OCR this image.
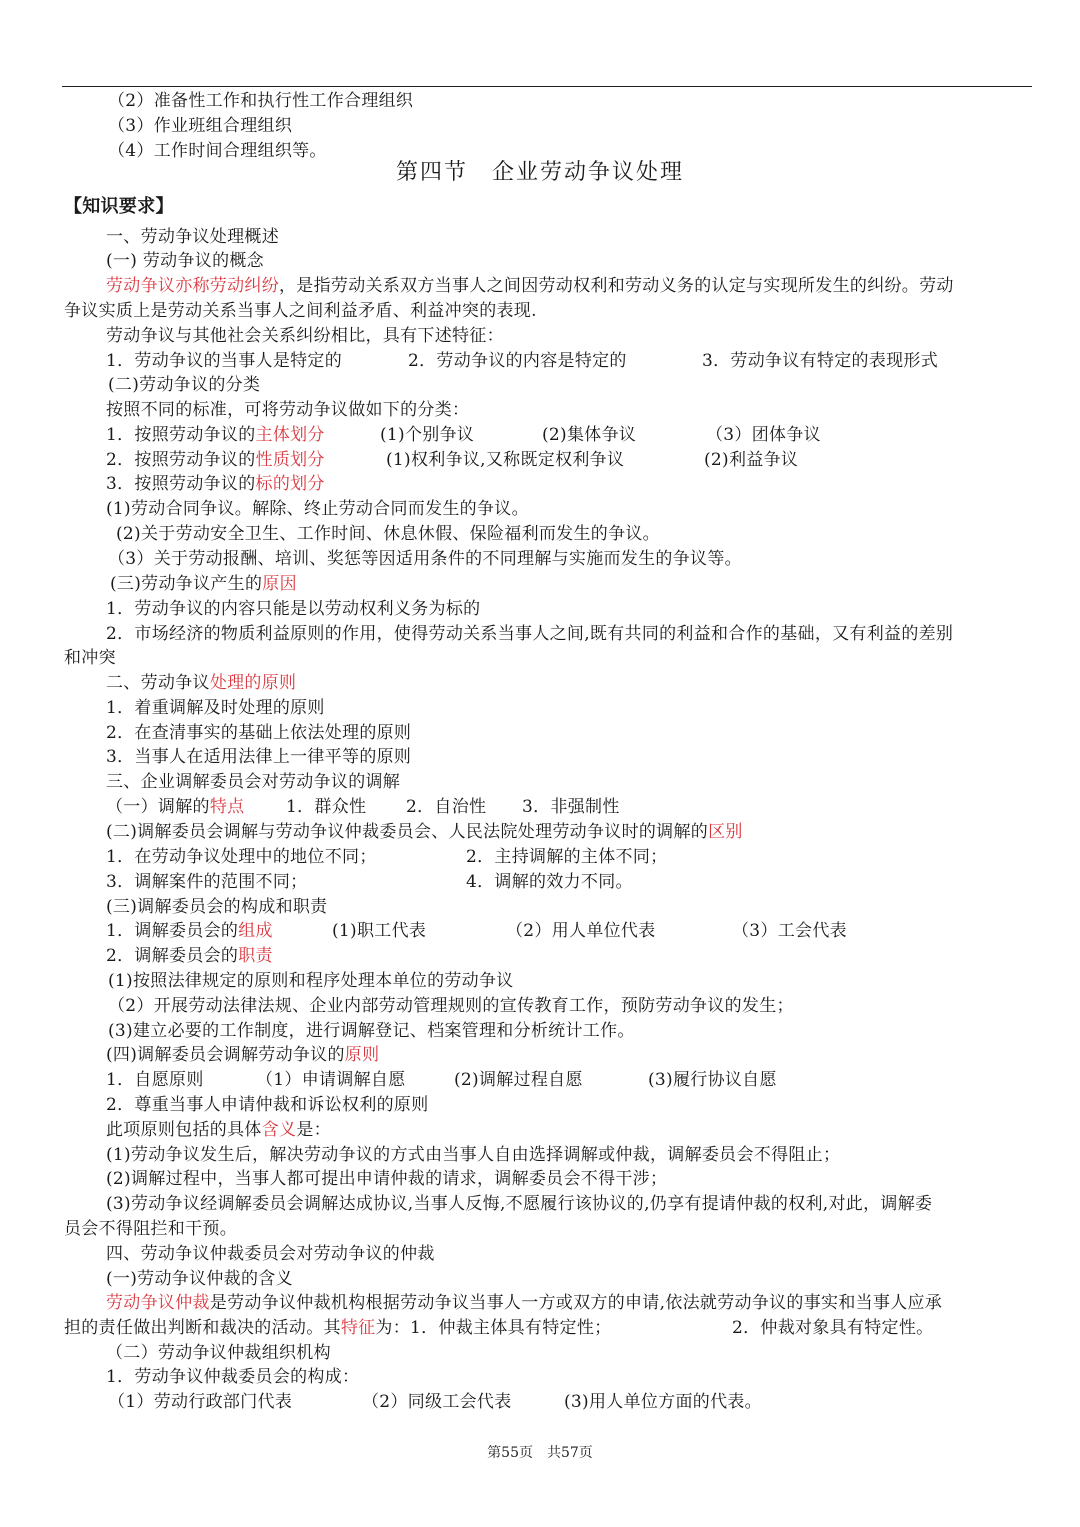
（2）准备性工作和执行性工作合理组织
（3）作业班组合理组织
（4）工作时间合理组织等。
第四节　企业劳动争议处理
【知识要求】
一、劳动争议处理概述
(一) 劳动争议的概念
劳动争议亦称劳动纠纷，是指劳动关系双方当事人之间因劳动权利和劳动义务的认定与实现所发生的纠纷。劳动
争议实质上是劳动关系当事人之间利益矛盾、利益冲突的表现.
劳动争议与其他社会关系纠纷相比，具有下述特征：
1．劳动争议的当事人是特定的	2．劳动争议的内容是特定的	3．劳动争议有特定的表现形式
(二)劳动争议的分类
按照不同的标准，可将劳动争议做如下的分类：
1．按照劳动争议的主体划分	(1)个别争议	(2)集体争议	（3）团体争议
2．按照劳动争议的性质划分	(1)权利争议,又称既定权利争议	(2)利益争议
3．按照劳动争议的标的划分
(1)劳动合同争议。解除、终止劳动合同而发生的争议。
(2)关于劳动安全卫生、工作时间、休息休假、保险福利而发生的争议。
（3）关于劳动报酬、培训、奖惩等因适用条件的不同理解与实施而发生的争议等。
(三)劳动争议产生的原因
1．劳动争议的内容只能是以劳动权利义务为标的
2．市场经济的物质利益原则的作用，使得劳动关系当事人之间,既有共同的利益和合作的基础，又有利益的差别
和冲突
二、劳动争议处理的原则
1．着重调解及时处理的原则
2．在查清事实的基础上依法处理的原则
3．当事人在适用法律上一律平等的原则
三、企业调解委员会对劳动争议的调解
（一）调解的特点 1．群众性 2．自治性 3．非强制性
(二)调解委员会调解与劳动争议仲裁委员会、人民法院处理劳动争议时的调解的区别
1．在劳动争议处理中的地位不同；	2．主持调解的主体不同；
3．调解案件的范围不同；	4．调解的效力不同。
(三)调解委员会的构成和职责
1．调解委员会的组成	(1)职工代表	（2）用人单位代表	（3）工会代表
2．调解委员会的职责
(1)按照法律规定的原则和程序处理本单位的劳动争议
（2）开展劳动法律法规、企业内部劳动管理规则的宣传教育工作，预防劳动争议的发生；
(3)建立必要的工作制度，进行调解登记、档案管理和分析统计工作。
(四)调解委员会调解劳动争议的原则
1．自愿原则	（1）申请调解自愿	(2)调解过程自愿	(3)履行协议自愿
2．尊重当事人申请仲裁和诉讼权利的原则
此项原则包括的具体含义是：
(1)劳动争议发生后，解决劳动争议的方式由当事人自由选择调解或仲裁，调解委员会不得阻止；
(2)调解过程中，当事人都可提出申请仲裁的请求，调解委员会不得干涉；
(3)劳动争议经调解委员会调解达成协议,当事人反悔,不愿履行该协议的,仍享有提请仲裁的权利,对此，调解委
员会不得阻拦和干预。
四、劳动争议仲裁委员会对劳动争议的仲裁
(一)劳动争议仲裁的含义
劳动争议仲裁是劳动争议仲裁机构根据劳动争议当事人一方或双方的申请,依法就劳动争议的事实和当事人应承
担的责任做出判断和裁决的活动。其特征为：1．仲裁主体具有特定性；	2．仲裁对象具有特定性。
（二）劳动争议仲裁组织机构
1．劳动争议仲裁委员会的构成：
（1）劳动行政部门代表	（2）同级工会代表	(3)用人单位方面的代表。
第55页　共57页
